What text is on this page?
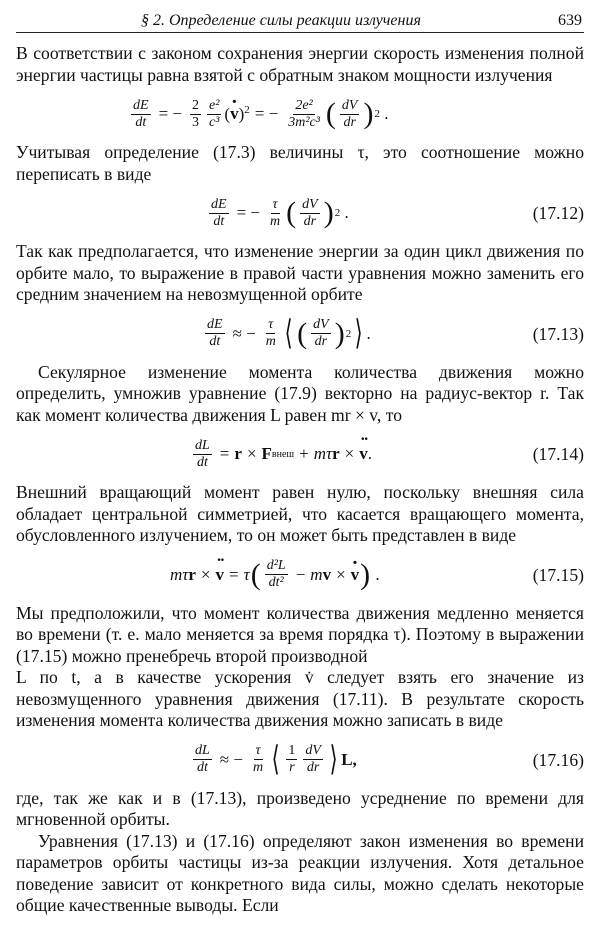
§ 2. Определение силы реакции излучения	639

В соответствии с законом сохранения энергии скорость изменения полной энергии частицы равна взятой с обратным знаком мощности излучения

$\frac{dE}{dt}$ = − $\frac{2}{3} \frac{\text{e²}}{\text{c³}} (v \cdot)^2$ = − $\frac{\text{2e²}}{\text{3m²c³}}$ ( $\frac{dV}{dr}$ ) 2 .

Учитывая определение (17.3) величины τ, это соотношение можно переписать в виде

$\frac{dE}{dt}$ = − $\frac{\tau}{m}$ ( $\frac{dV}{dr}$ ) 2 .	(17.12)

Так как предполагается, что изменение энергии за один цикл движения по орбите мало, то выражение в правой части уравнения можно заменить его средним значением на невозмущенной орбите

$\frac{dE}{dt}$ ≈ − $\frac{\tau}{m}$ ⟨ ( $\frac{dV}{dr}$ ) 2 ⟩ .	(17.13)

Секулярное изменение момента количества движения можно определить, умножив уравнение (17.9) векторно на радиус-вектор r. Так как момент количества движения L равен mr × v, то

$\frac{dL}{dt} = r \times F$ внеш + mτ r × v ·· .	(17.14)

Внешний вращающий момент равен нулю, поскольку внешняя сила обладает центральной симметрией, что касается вращающего момента, обусловленного излучением, то он может быть представлен в виде

mτ r × v ·· = τ ( $\frac{\text{d²L}}{\text{dt²}} - m$ v × v · ) .	(17.15)

Мы предположили, что момент количества движения медленно меняется во времени (т. е. мало меняется за время порядка τ). Поэтому в выражении (17.15) можно пренебречь второй производной

L по t, а в качестве ускорения v̇ следует взять его значение из невозмущенного уравнения движения (17.11). В результате скорость изменения момента количества движения можно записать в виде

$\frac{dL}{dt}$ ≈ − $\frac{\tau}{m}$ ⟨ $\frac{1}{r} \frac{dV}{dr}$ ⟩ L,	(17.16)

где, так же как и в (17.13), произведено усреднение по времени для мгновенной орбиты.

Уравнения (17.13) и (17.16) определяют закон изменения во времени параметров орбиты частицы из-за реакции излучения. Хотя детальное поведение зависит от конкретного вида силы, можно сделать некоторые общие качественные выводы. Если
